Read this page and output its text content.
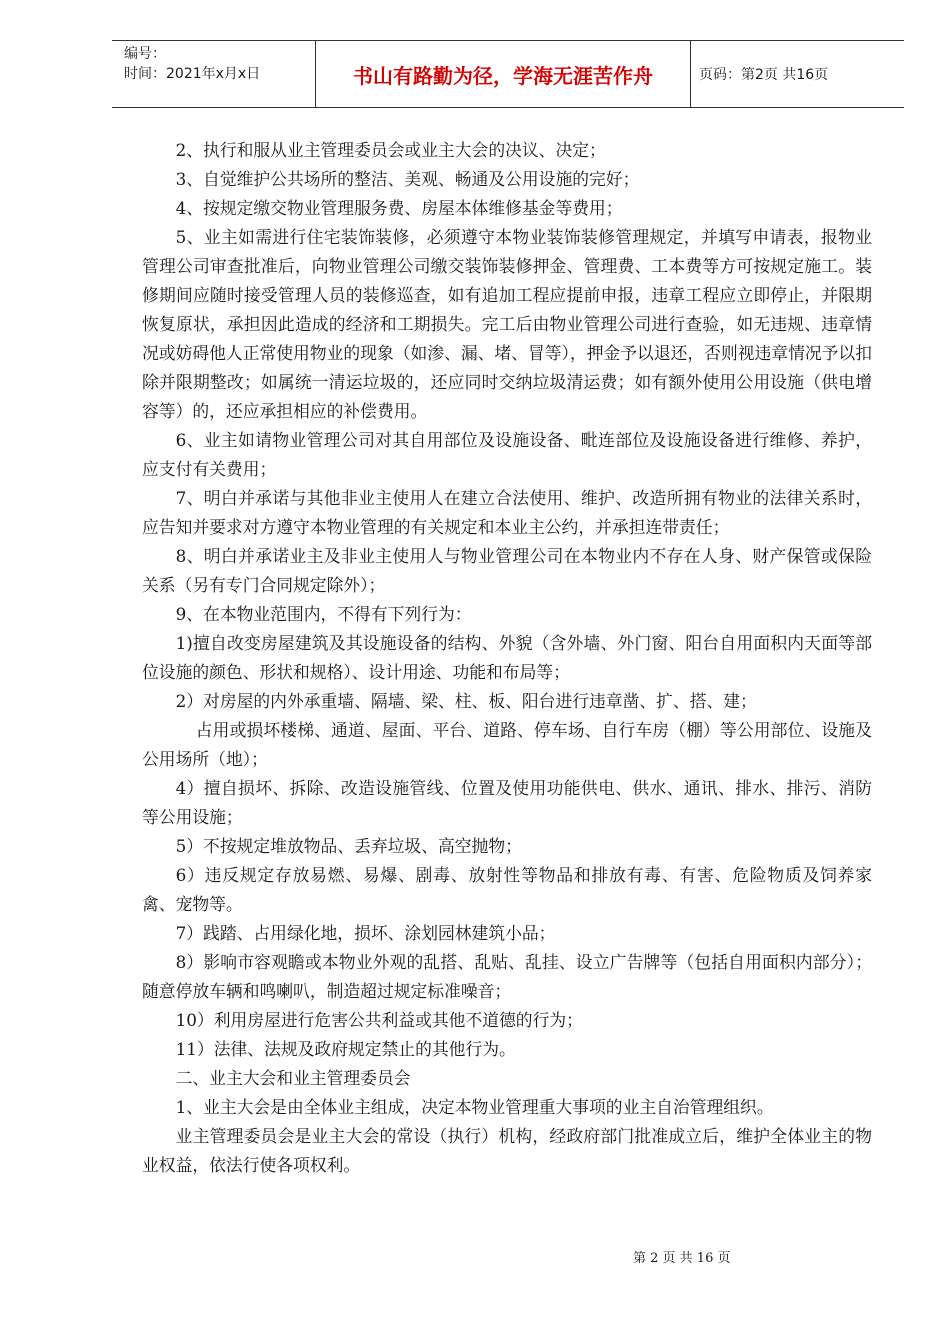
编号：
时间：2021年x月x日	书山有路勤为径，学海无涯苦作舟	页码：第2页 共16页

2、执行和服从业主管理委员会或业主大会的决议、决定；

3、自觉维护公共场所的整洁、美观、畅通及公用设施的完好；

4、按规定缴交物业管理服务费、房屋本体维修基金等费用；

5、业主如需进行住宅装饰装修，必须遵守本物业装饰装修管理规定，并填写申请表，报物业管理公司审查批准后，向物业管理公司缴交装饰装修押金、管理费、工本费等方可按规定施工。装修期间应随时接受管理人员的装修巡查，如有追加工程应提前申报，违章工程应立即停止，并限期恢复原状，承担因此造成的经济和工期损失。完工后由物业管理公司进行查验，如无违规、违章情况或妨碍他人正常使用物业的现象（如渗、漏、堵、冒等），押金予以退还，否则视违章情况予以扣除并限期整改；如属统一清运垃圾的，还应同时交纳垃圾清运费；如有额外使用公用设施（供电增容等）的，还应承担相应的补偿费用。

6、业主如请物业管理公司对其自用部位及设施设备、毗连部位及设施设备进行维修、养护，应支付有关费用；

7、明白并承诺与其他非业主使用人在建立合法使用、维护、改造所拥有物业的法律关系时，应告知并要求对方遵守本物业管理的有关规定和本业主公约，并承担连带责任；

8、明白并承诺业主及非业主使用人与物业管理公司在本物业内不存在人身、财产保管或保险关系（另有专门合同规定除外）；

9、在本物业范围内，不得有下列行为：

1)擅自改变房屋建筑及其设施设备的结构、外貌（含外墙、外门窗、阳台自用面积内天面等部位设施的颜色、形状和规格）、设计用途、功能和布局等；

2）对房屋的内外承重墙、隔墙、梁、柱、板、阳台进行违章凿、扩、搭、建；

占用或损坏楼梯、通道、屋面、平台、道路、停车场、自行车房（棚）等公用部位、设施及公用场所（地）；

4）擅自损坏、拆除、改造设施管线、位置及使用功能供电、供水、通讯、排水、排污、消防等公用设施；

5）不按规定堆放物品、丢弃垃圾、高空抛物；

6）违反规定存放易燃、易爆、剧毒、放射性等物品和排放有毒、有害、危险物质及饲养家禽、宠物等。

7）践踏、占用绿化地，损坏、涂划园林建筑小品；

8）影响市容观瞻或本物业外观的乱搭、乱贴、乱挂、设立广告牌等（包括自用面积内部分）；随意停放车辆和鸣喇叭，制造超过规定标准噪音；

10）利用房屋进行危害公共利益或其他不道德的行为；

11）法律、法规及政府规定禁止的其他行为。

二、业主大会和业主管理委员会

1、业主大会是由全体业主组成，决定本物业管理重大事项的业主自治管理组织。

业主管理委员会是业主大会的常设（执行）机构，经政府部门批准成立后，维护全体业主的物业权益，依法行使各项权利。

第 2 页 共 16 页
